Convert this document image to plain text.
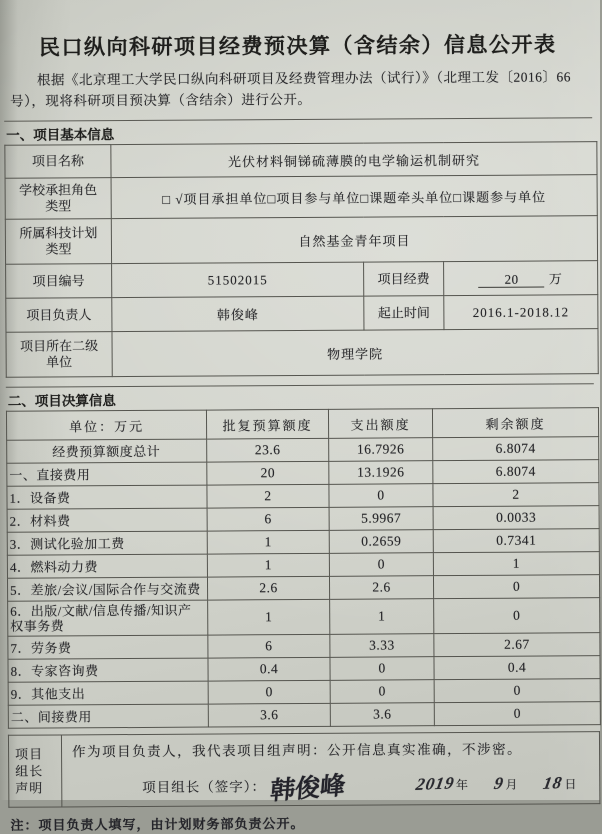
民口纵向科研项目经费预决算（含结余）信息公开表
根据《北京理工大学民口纵向科研项目及经费管理办法（试行）》（北理工发〔2016〕66号），现将科研项目预决算（含结余）进行公开。
一、项目基本信息
项目名称	光伏材料铜锑硫薄膜的电学输运机制研究		
学校承担角色类型	□ √项目承担单位□项目参与单位□课题牵头单位□课题参与单位		
所属科技计划类型	自然基金青年项目		
项目编号	51502015	项目经费	20 万
项目负责人	韩俊峰	起止时间	2016.1-2018.12
项目所在二级单位	物理学院		
二、项目决算信息
单位：万元	批复预算额度	支出额度	剩余额度
经费预算额度总计	23.6	16.7926	6.8074
一、直接费用	20	13.1926	6.8074
1．设备费	2	0	2
2．材料费	6	5.9967	0.0033
3．测试化验加工费	1	0.2659	0.7341
4．燃料动力费	1	0	1
5．差旅/会议/国际合作与交流费	2.6	2.6	0
6．出版/文献/信息传播/知识产权事务费	1	1	0
7．劳务费	6	3.33	2.67
8．专家咨询费	0.4	0	0.4
9．其他支出	0	0	0
二、间接费用	3.6	3.6	0
项目组长声明

作为项目负责人，我代表项目组声明：公开信息真实准确，不涉密。
项目组长（签字）： 韩俊峰	2019年 9月 18日
注：项目负责人填写，由计划财务部负责公开。
